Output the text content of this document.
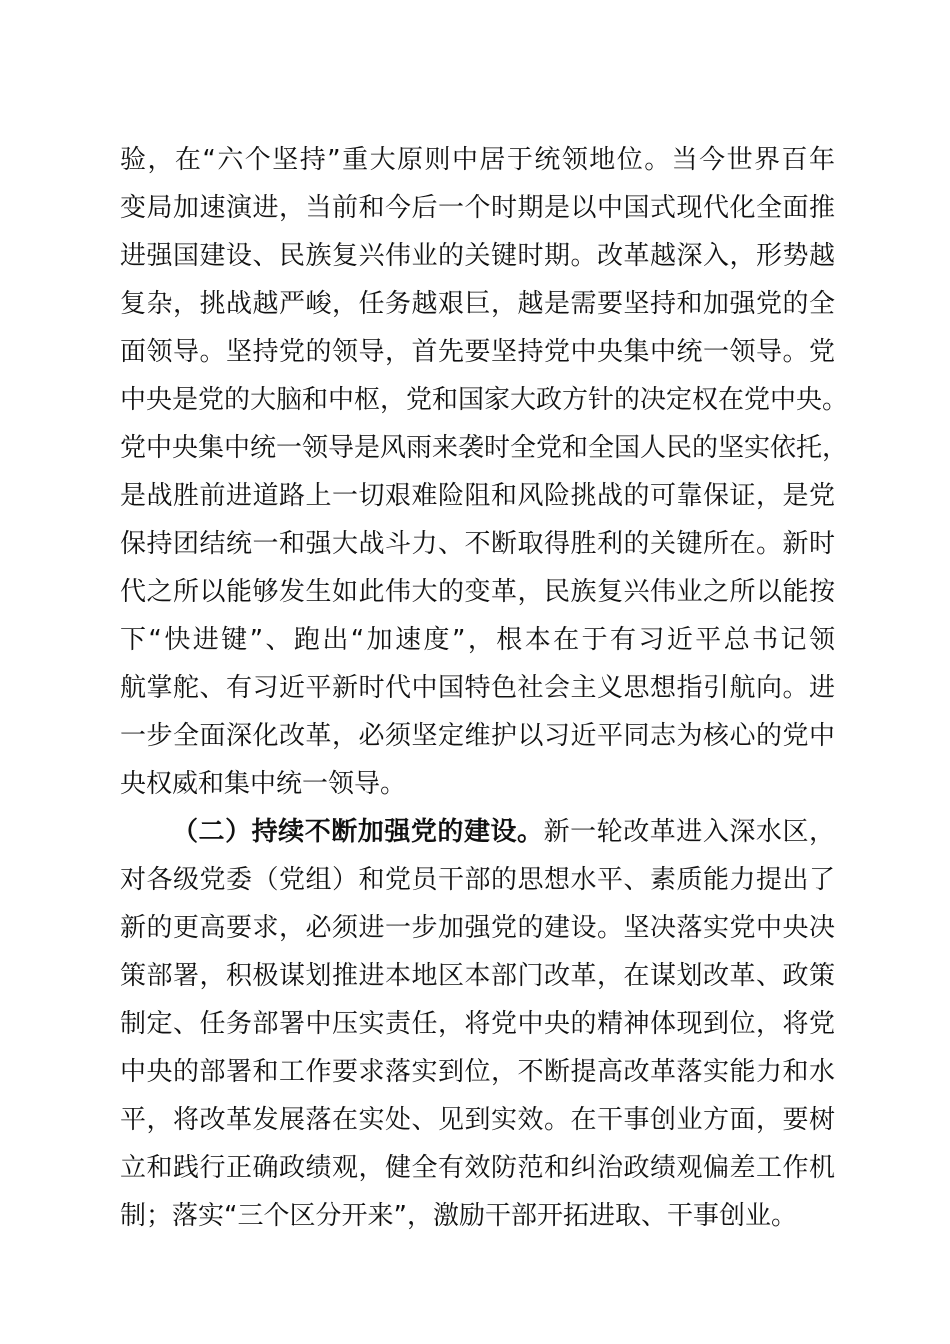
验，在“六个坚持”重大原则中居于统领地位。当今世界百年
变局加速演进，当前和今后一个时期是以中国式现代化全面推
进强国建设、民族复兴伟业的关键时期。改革越深入，形势越
复杂，挑战越严峻，任务越艰巨，越是需要坚持和加强党的全
面领导。坚持党的领导，首先要坚持党中央集中统一领导。党
中央是党的大脑和中枢，党和国家大政方针的决定权在党中央。
党中央集中统一领导是风雨来袭时全党和全国人民的坚实依托，
是战胜前进道路上一切艰难险阻和风险挑战的可靠保证，是党
保持团结统一和强大战斗力、不断取得胜利的关键所在。新时
代之所以能够发生如此伟大的变革，民族复兴伟业之所以能按
下“快进键”、跑出“加速度”，根本在于有习近平总书记领
航掌舵、有习近平新时代中国特色社会主义思想指引航向。进
一步全面深化改革，必须坚定维护以习近平同志为核心的党中
央权威和集中统一领导。
（二）持续不断加强党的建设。新一轮改革进入深水区，
对各级党委（党组）和党员干部的思想水平、素质能力提出了
新的更高要求，必须进一步加强党的建设。坚决落实党中央决
策部署，积极谋划推进本地区本部门改革，在谋划改革、政策
制定、任务部署中压实责任，将党中央的精神体现到位，将党
中央的部署和工作要求落实到位，不断提高改革落实能力和水
平，将改革发展落在实处、见到实效。在干事创业方面，要树
立和践行正确政绩观，健全有效防范和纠治政绩观偏差工作机
制；落实“三个区分开来”，激励干部开拓进取、干事创业。
